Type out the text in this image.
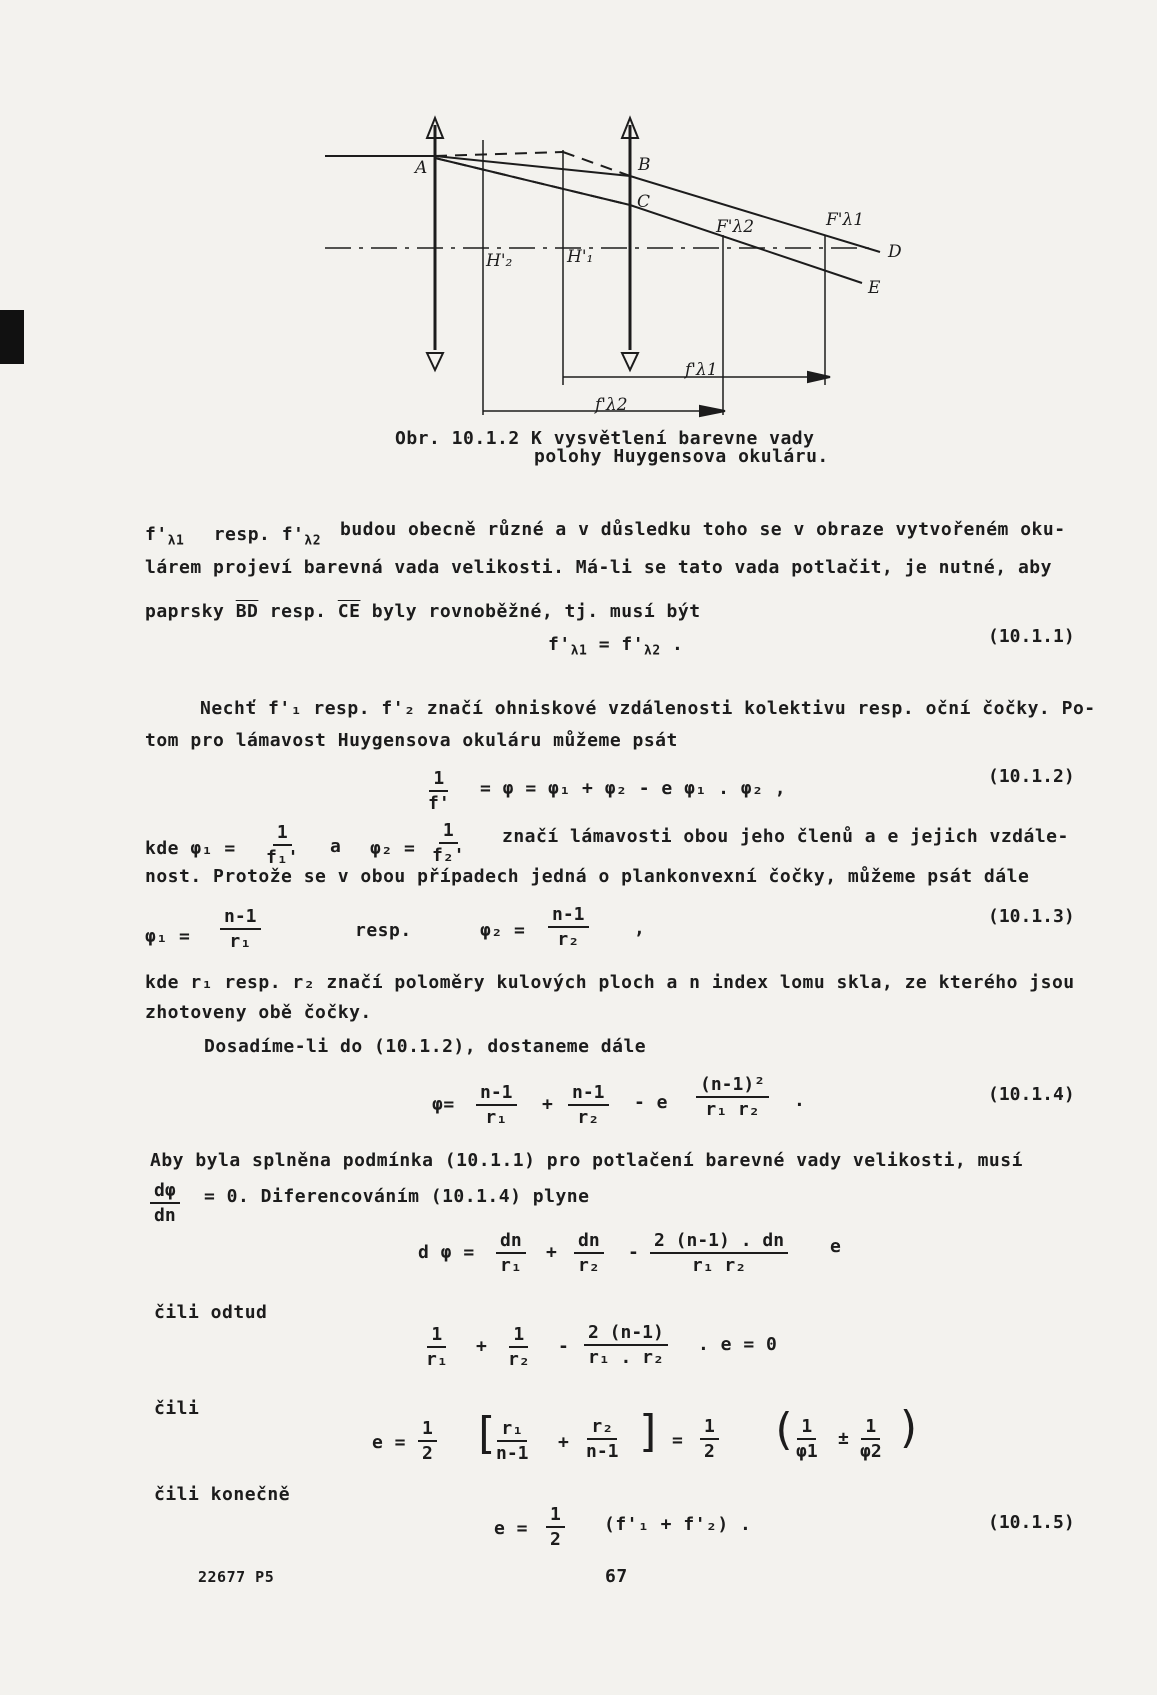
A	B
C
D
E
H'₂	H'₁
F'λ2	F'λ1
f'λ1
f'λ2
Obr. 10.1.2 K vysvětlení barevne vady
polohy Huygensova okuláru.
$f'_{\lambda 1}$ resp. $f'_{\lambda 2}$
budou obecně různé a v důsledku toho se v obraze vytvořeném oku-
lárem projeví barevná vada velikosti. Má-li se tato vada potlačit, je nutné, aby
paprsky $\overline{BD}$ resp. $\overline{CE}$ byly rovnoběžné, tj. musí být
$f'_{\lambda 1} = f'_{\lambda 2}$ .	(10.1.1)
Nechť f'₁ resp. f'₂ značí ohniskové vzdálenosti kolektivu resp. oční čočky. Po-
tom pro lámavost Huygensova okuláru můžeme psát
$\frac{1}{f'} = \varphi = \varphi_1 + \varphi_2 - e$ φ₁ . φ₂ ,
(10.1.2)
kde $\varphi_1 = \frac{1}{\text{f₁'}}$ a $\varphi_2 = \frac{1}{\text{f₂'}}$ značí lámavosti obou jeho členů a e jejich vzdále-
nost. Protože se v obou případech jedná o plankonvexní čočky, můžeme psát dále
$\varphi_1 = \frac{n-1}{\text{r₁}}$	resp.	$\varphi_2 = \frac{n-1}{\text{r₂}}$	,
(10.1.3)
kde r₁ resp. r₂ značí poloměry kulových ploch a n index lomu skla, ze kterého jsou
zhotoveny obě čočky.
Dosadíme-li do (10.1.2), dostaneme dále
$\varphi= \frac{n-1}{\text{r₁}} + \frac{n-1}{\text{r₂}} - e \frac{\text{(n-1)²}}{\text{r₁ r₂}}$ .	(10.1.4)
Aby byla splněna podmínka (10.1.1) pro potlačení barevné vady velikosti, musí
$\frac{d\varphi}{dn} = 0$. Diferencováním (10.1.4) plyne
d $\varphi = \frac{dn}{\text{r₁}} + \frac{dn}{\text{r₂}} - \frac{2 (n-1) . dn}{\text{r₁ r₂}}$ e
čili odtud
$\frac{1}{\text{r₁}} + \frac{1}{\text{r₂}} - \frac{2 (n-1)}{\text{r₁ . r₂}}$ . e = 0
čili
$e = \frac{1}{2}$ [
$\frac{\text{r₁}}{n-1} + \frac{\text{r₂}}{n-1}$ ] = $\frac{1}{2}$ (
$\frac{1}{\varphi 1} \pm \frac{1}{\varphi 2}$ )
čili konečně
$e = \frac{1}{2} (f'_1 + f'_2)$ .	(10.1.5)
22677 P5	67
